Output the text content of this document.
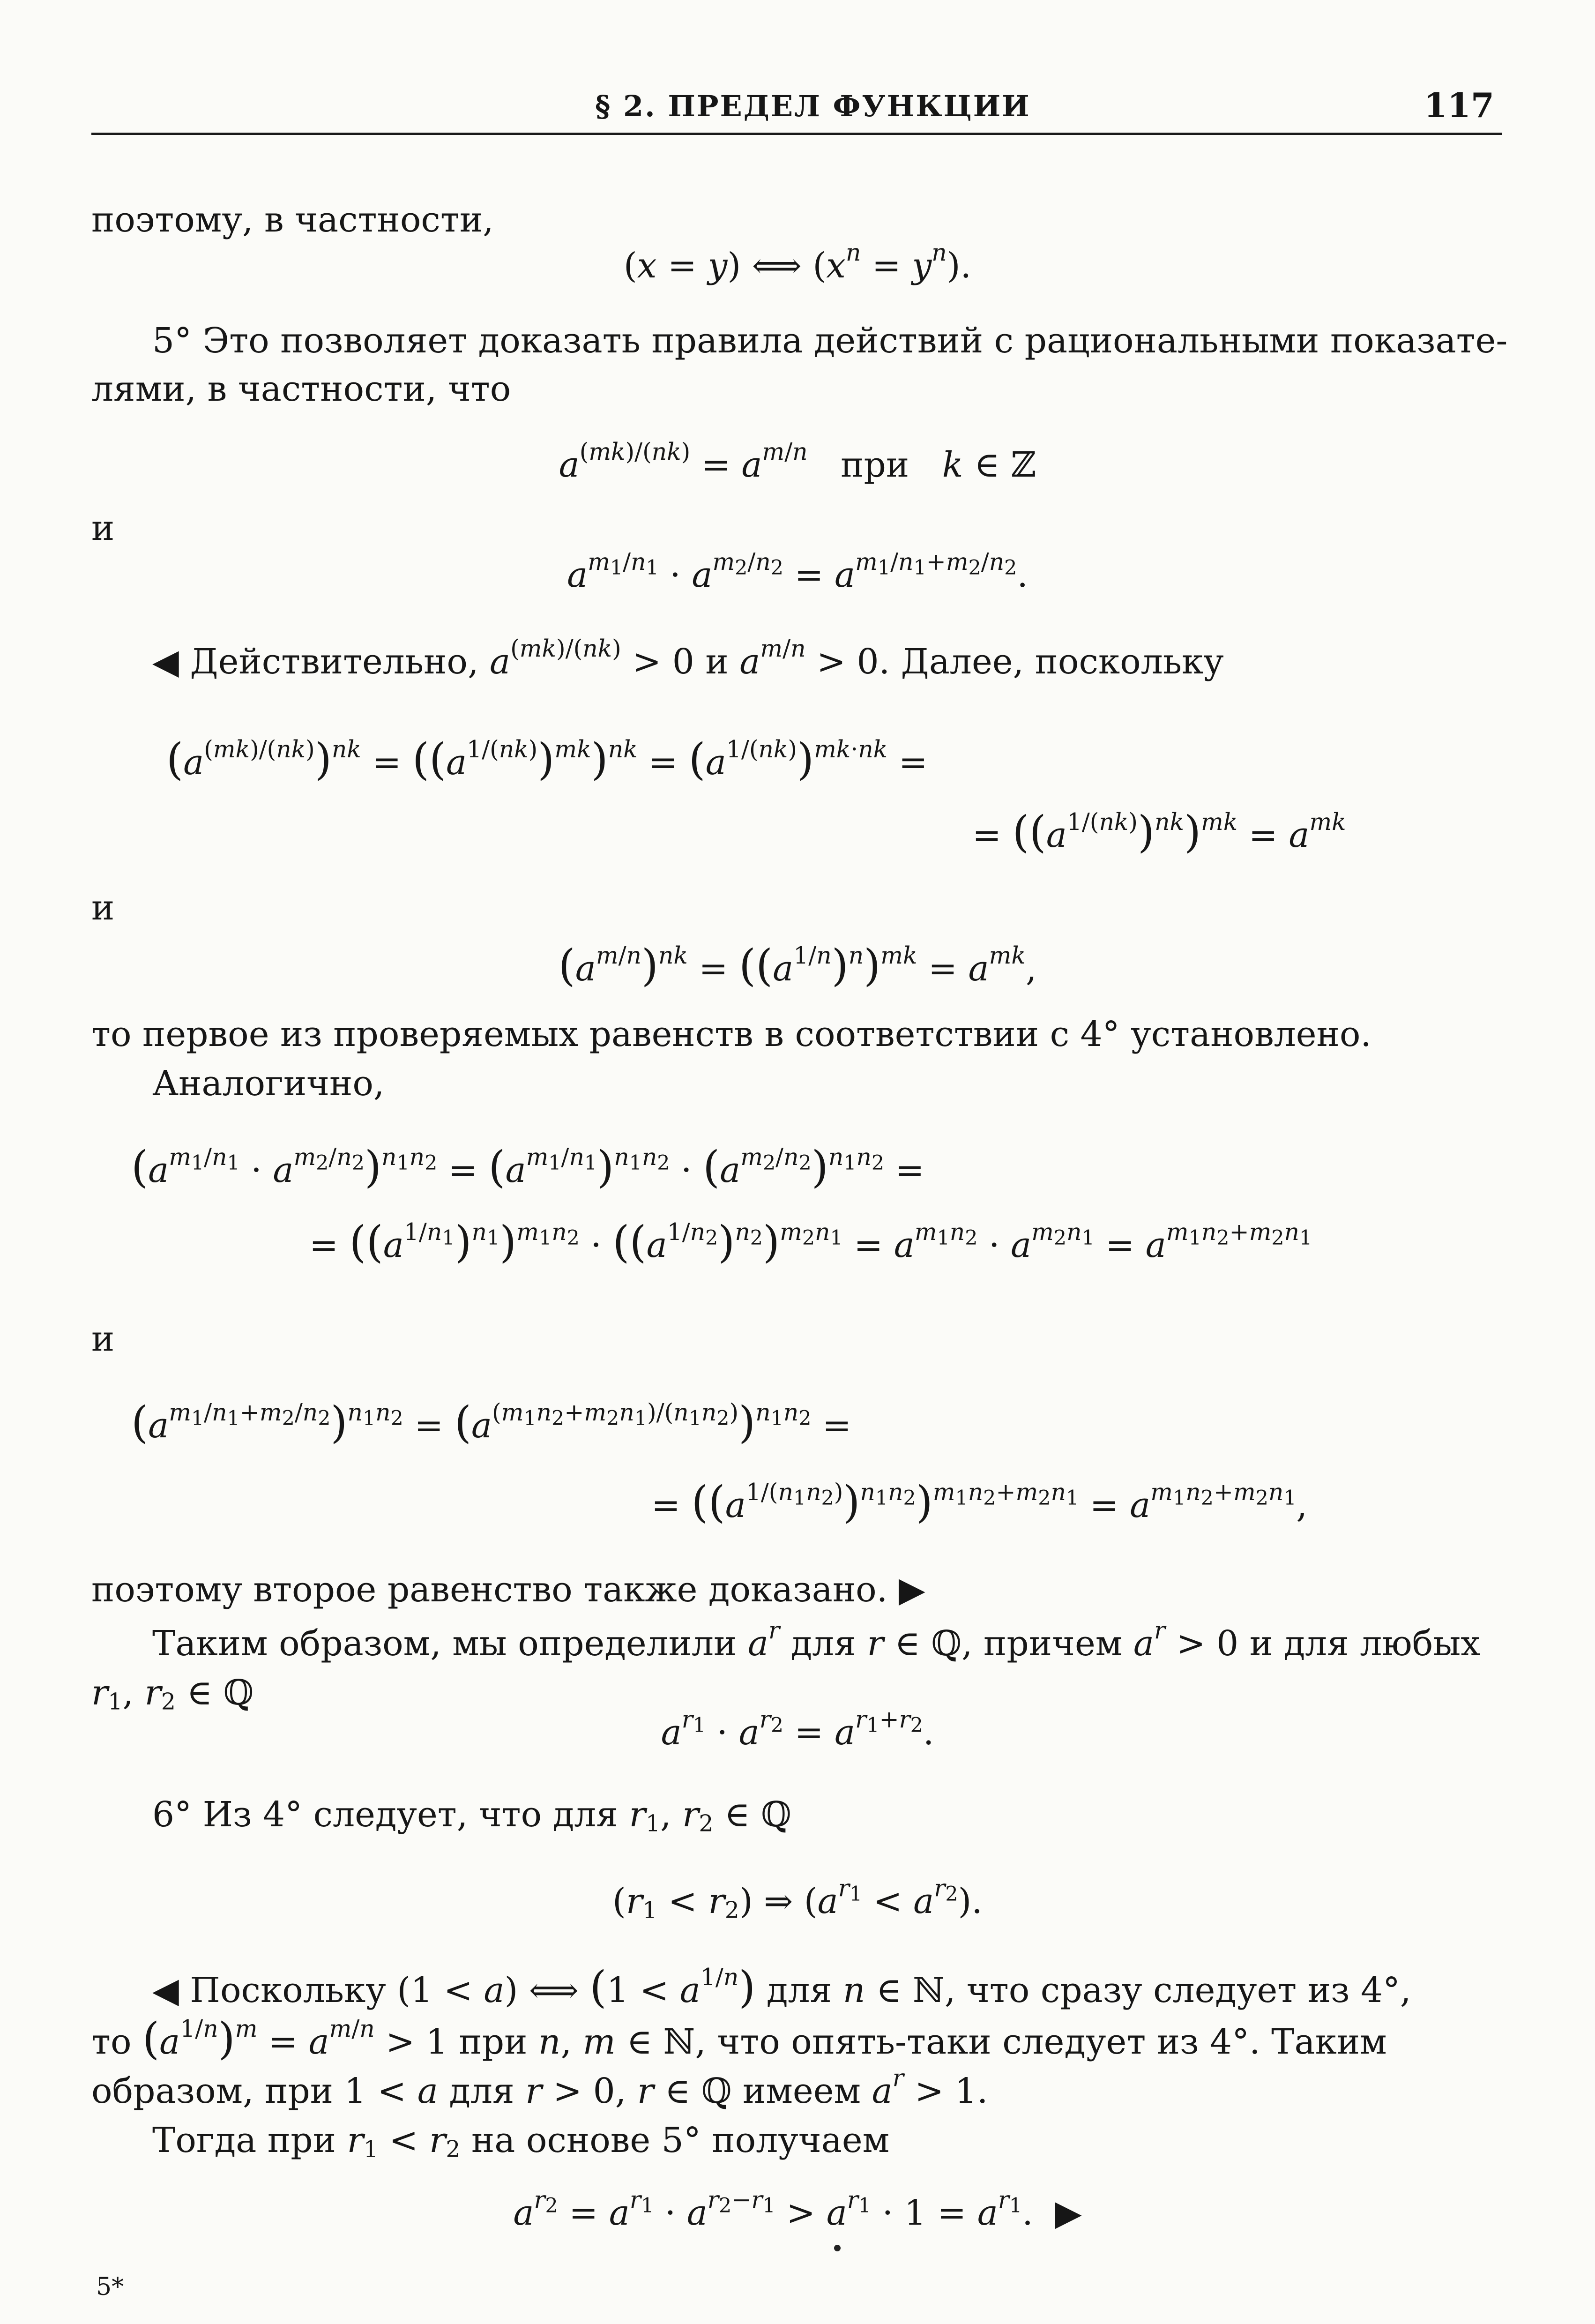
§ 2. ПРЕДЕЛ ФУНКЦИИ	117
поэтому, в частности,
(x = y) ⟺ $(x^n = y^n)$.
5° Это позволяет доказать правила действий с рациональными показате-
лями, в частности, что
$a^{(mk)/(nk)} = a^{m/n}$ при k ∈ ℤ
и
$a^{m_1/n_1} \cdot a^{m_2/n_2} = a^{m_1/n_1+m_2/n_2}$.
◀ Действительно, $a^{(mk)/(nk)} > 0$ и $a^{m/n} > 0$. Далее, поскольку
$(a^{(mk)/(nk)})^{nk} = ((a^{1/(nk)})^{mk})^{nk} = (a^{1/(nk)})^{mk\cdot nk}$ =
= $((a^{1/(nk)})^{nk})^{mk} = a^{mk}$
и
$(a^{m/n})^{nk} = ((a^{1/n})^n)^{mk} = a^{mk}$,
то первое из проверяемых равенств в соответствии с 4° установлено.
Аналогично,
$(a^{m_1/n_1} \cdot a^{m_2/n_2})^{n_1n_2} = (a^{m_1/n_1})^{n_1n_2} \cdot (a^{m_2/n_2})^{n_1n_2}$ =
= $((a^{1/n_1})^{n_1})^{m_1n_2} \cdot ((a^{1/n_2})^{n_2})^{m_2n_1} = a^{m_1n_2} \cdot a^{m_2n_1} = a^{m_1n_2+m_2n_1}$
и
$(a^{m_1/n_1+m_2/n_2})^{n_1n_2} = (a^{(m_1n_2+m_2n_1)/(n_1n_2)})^{n_1n_2}$ =
= $((a^{1/(n_1n_2)})^{n_1n_2})^{m_1n_2+m_2n_1} = a^{m_1n_2+m_2n_1}$,
поэтому второе равенство также доказано. ▶
Таким образом, мы определили $a^r$ для r ∈ ℚ, причем $a^r > 0$ и для любых
$r_1$, $r_2$ ∈ ℚ
$a^{r_1} \cdot a^{r_2} = a^{r_1+r_2}$.
6° Из 4° следует, что для $r_1$, $r_2$ ∈ ℚ
$(r_1 < r_2)$ ⇒ $(a^{r_1} < a^{r_2})$.
◀ Поскольку (1 < a) ⟺ $(1 < a^{1/n})$ для n ∈ ℕ, что сразу следует из 4°,
то $(a^{1/n})^m = a^{m/n} > 1$ при n, m ∈ ℕ, что опять-таки следует из 4°. Таким
образом, при 1 < a для r > 0, r ∈ ℚ имеем $a^r > 1$.
Тогда при $r_1 < r_2$ на основе 5° получаем
$a^{r_2} = a^{r_1} \cdot a^{r_2-r_1} > a^{r_1} \cdot 1 = a^{r_1}$.  ▶
5*
